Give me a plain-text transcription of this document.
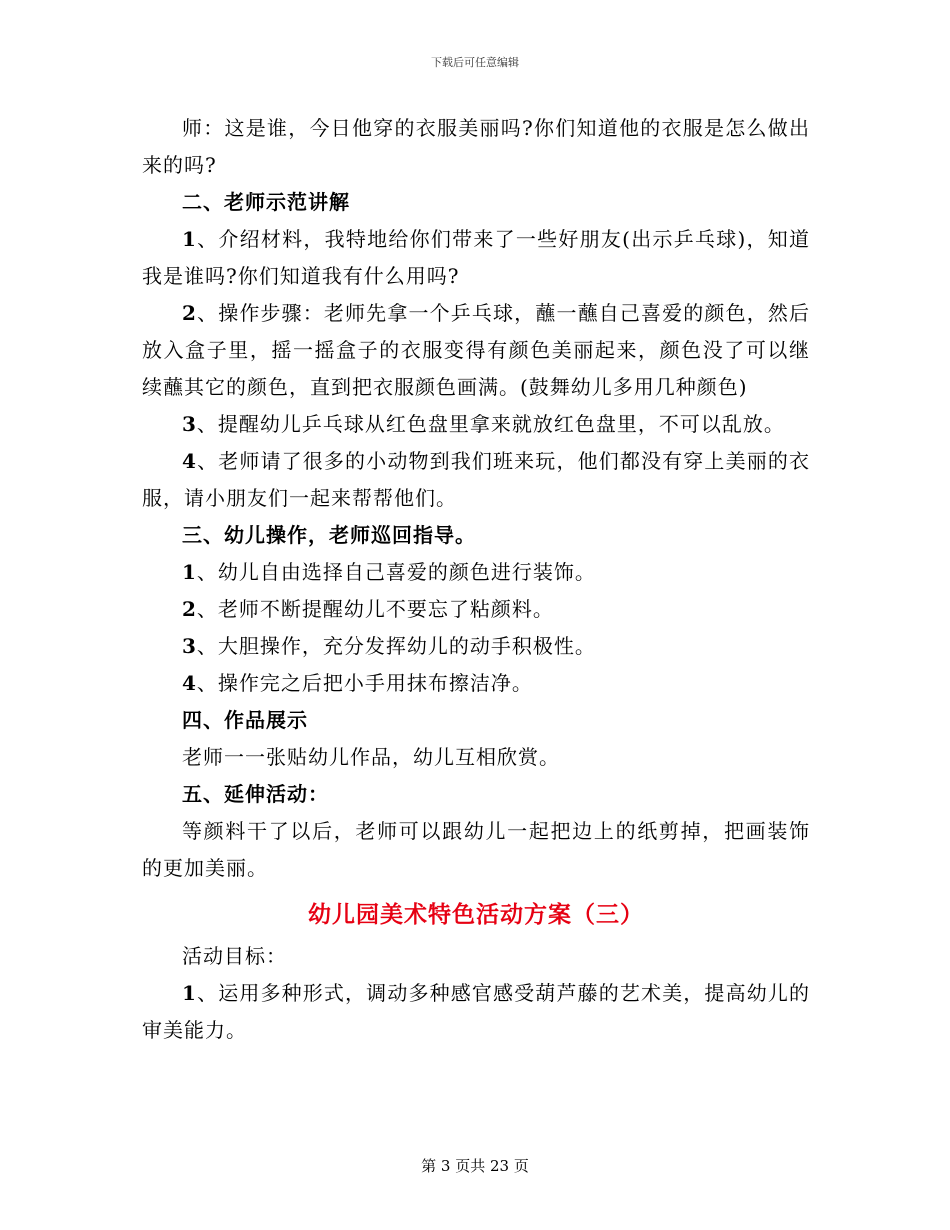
下载后可任意编辑

师：这是谁，今日他穿的衣服美丽吗?你们知道他的衣服是怎么做出来的吗?

二、老师示范讲解

1、介绍材料，我特地给你们带来了一些好朋友(出示乒乓球)，知道我是谁吗?你们知道我有什么用吗?

2、操作步骤：老师先拿一个乒乓球，蘸一蘸自己喜爱的颜色，然后放入盒子里，摇一摇盒子的衣服变得有颜色美丽起来，颜色没了可以继续蘸其它的颜色，直到把衣服颜色画满。(鼓舞幼儿多用几种颜色)

3、提醒幼儿乒乓球从红色盘里拿来就放红色盘里，不可以乱放。

4、老师请了很多的小动物到我们班来玩，他们都没有穿上美丽的衣服，请小朋友们一起来帮帮他们。

三、幼儿操作，老师巡回指导。

1、幼儿自由选择自己喜爱的颜色进行装饰。

2、老师不断提醒幼儿不要忘了粘颜料。

3、大胆操作，充分发挥幼儿的动手积极性。

4、操作完之后把小手用抹布擦洁净。

四、作品展示

老师一一张贴幼儿作品，幼儿互相欣赏。

五、延伸活动：

等颜料干了以后，老师可以跟幼儿一起把边上的纸剪掉，把画装饰的更加美丽。

幼儿园美术特色活动方案（三）

活动目标：

1、运用多种形式，调动多种感官感受葫芦藤的艺术美，提高幼儿的审美能力。

第 3 页共 23 页
